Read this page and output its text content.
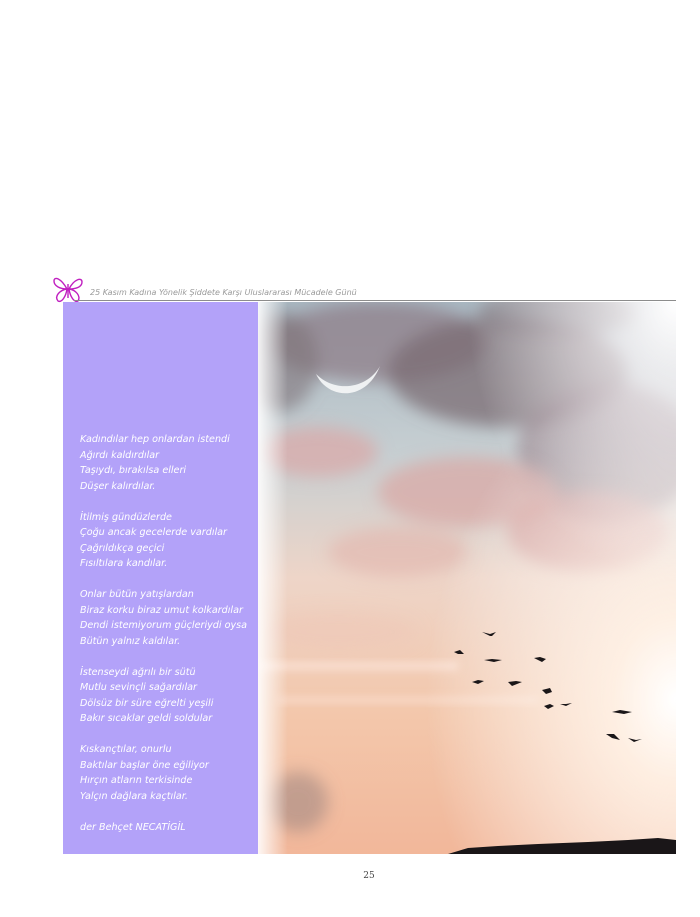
25 Kasım Kadına Yönelik Şiddete Karşı Uluslararası Mücadele Günü
Kadındılar hep onlardan istendi
Ağırdı kaldırdılar
Taşıydı, bırakılsa elleri
Düşer kalırdılar.
İtilmiş gündüzlerde
Çoğu ancak gecelerde vardılar
Çağrıldıkça geçici
Fısıltılara kandılar.
Onlar bütün yatışlardan
Biraz korku biraz umut kolkardılar
Dendi istemiyorum güçleriydi oysa
Bütün yalnız kaldılar.
İstenseydi ağrılı bir sütü
Mutlu sevinçli sağardılar
Dölsüz bir süre eğrelti yeşili
Bakır sıcaklar geldi soldular
Kıskançtılar, onurlu
Baktılar başlar öne eğiliyor
Hırçın atların terkisinde
Yalçın dağlara kaçtılar.
der Behçet NECATİGİL
25
